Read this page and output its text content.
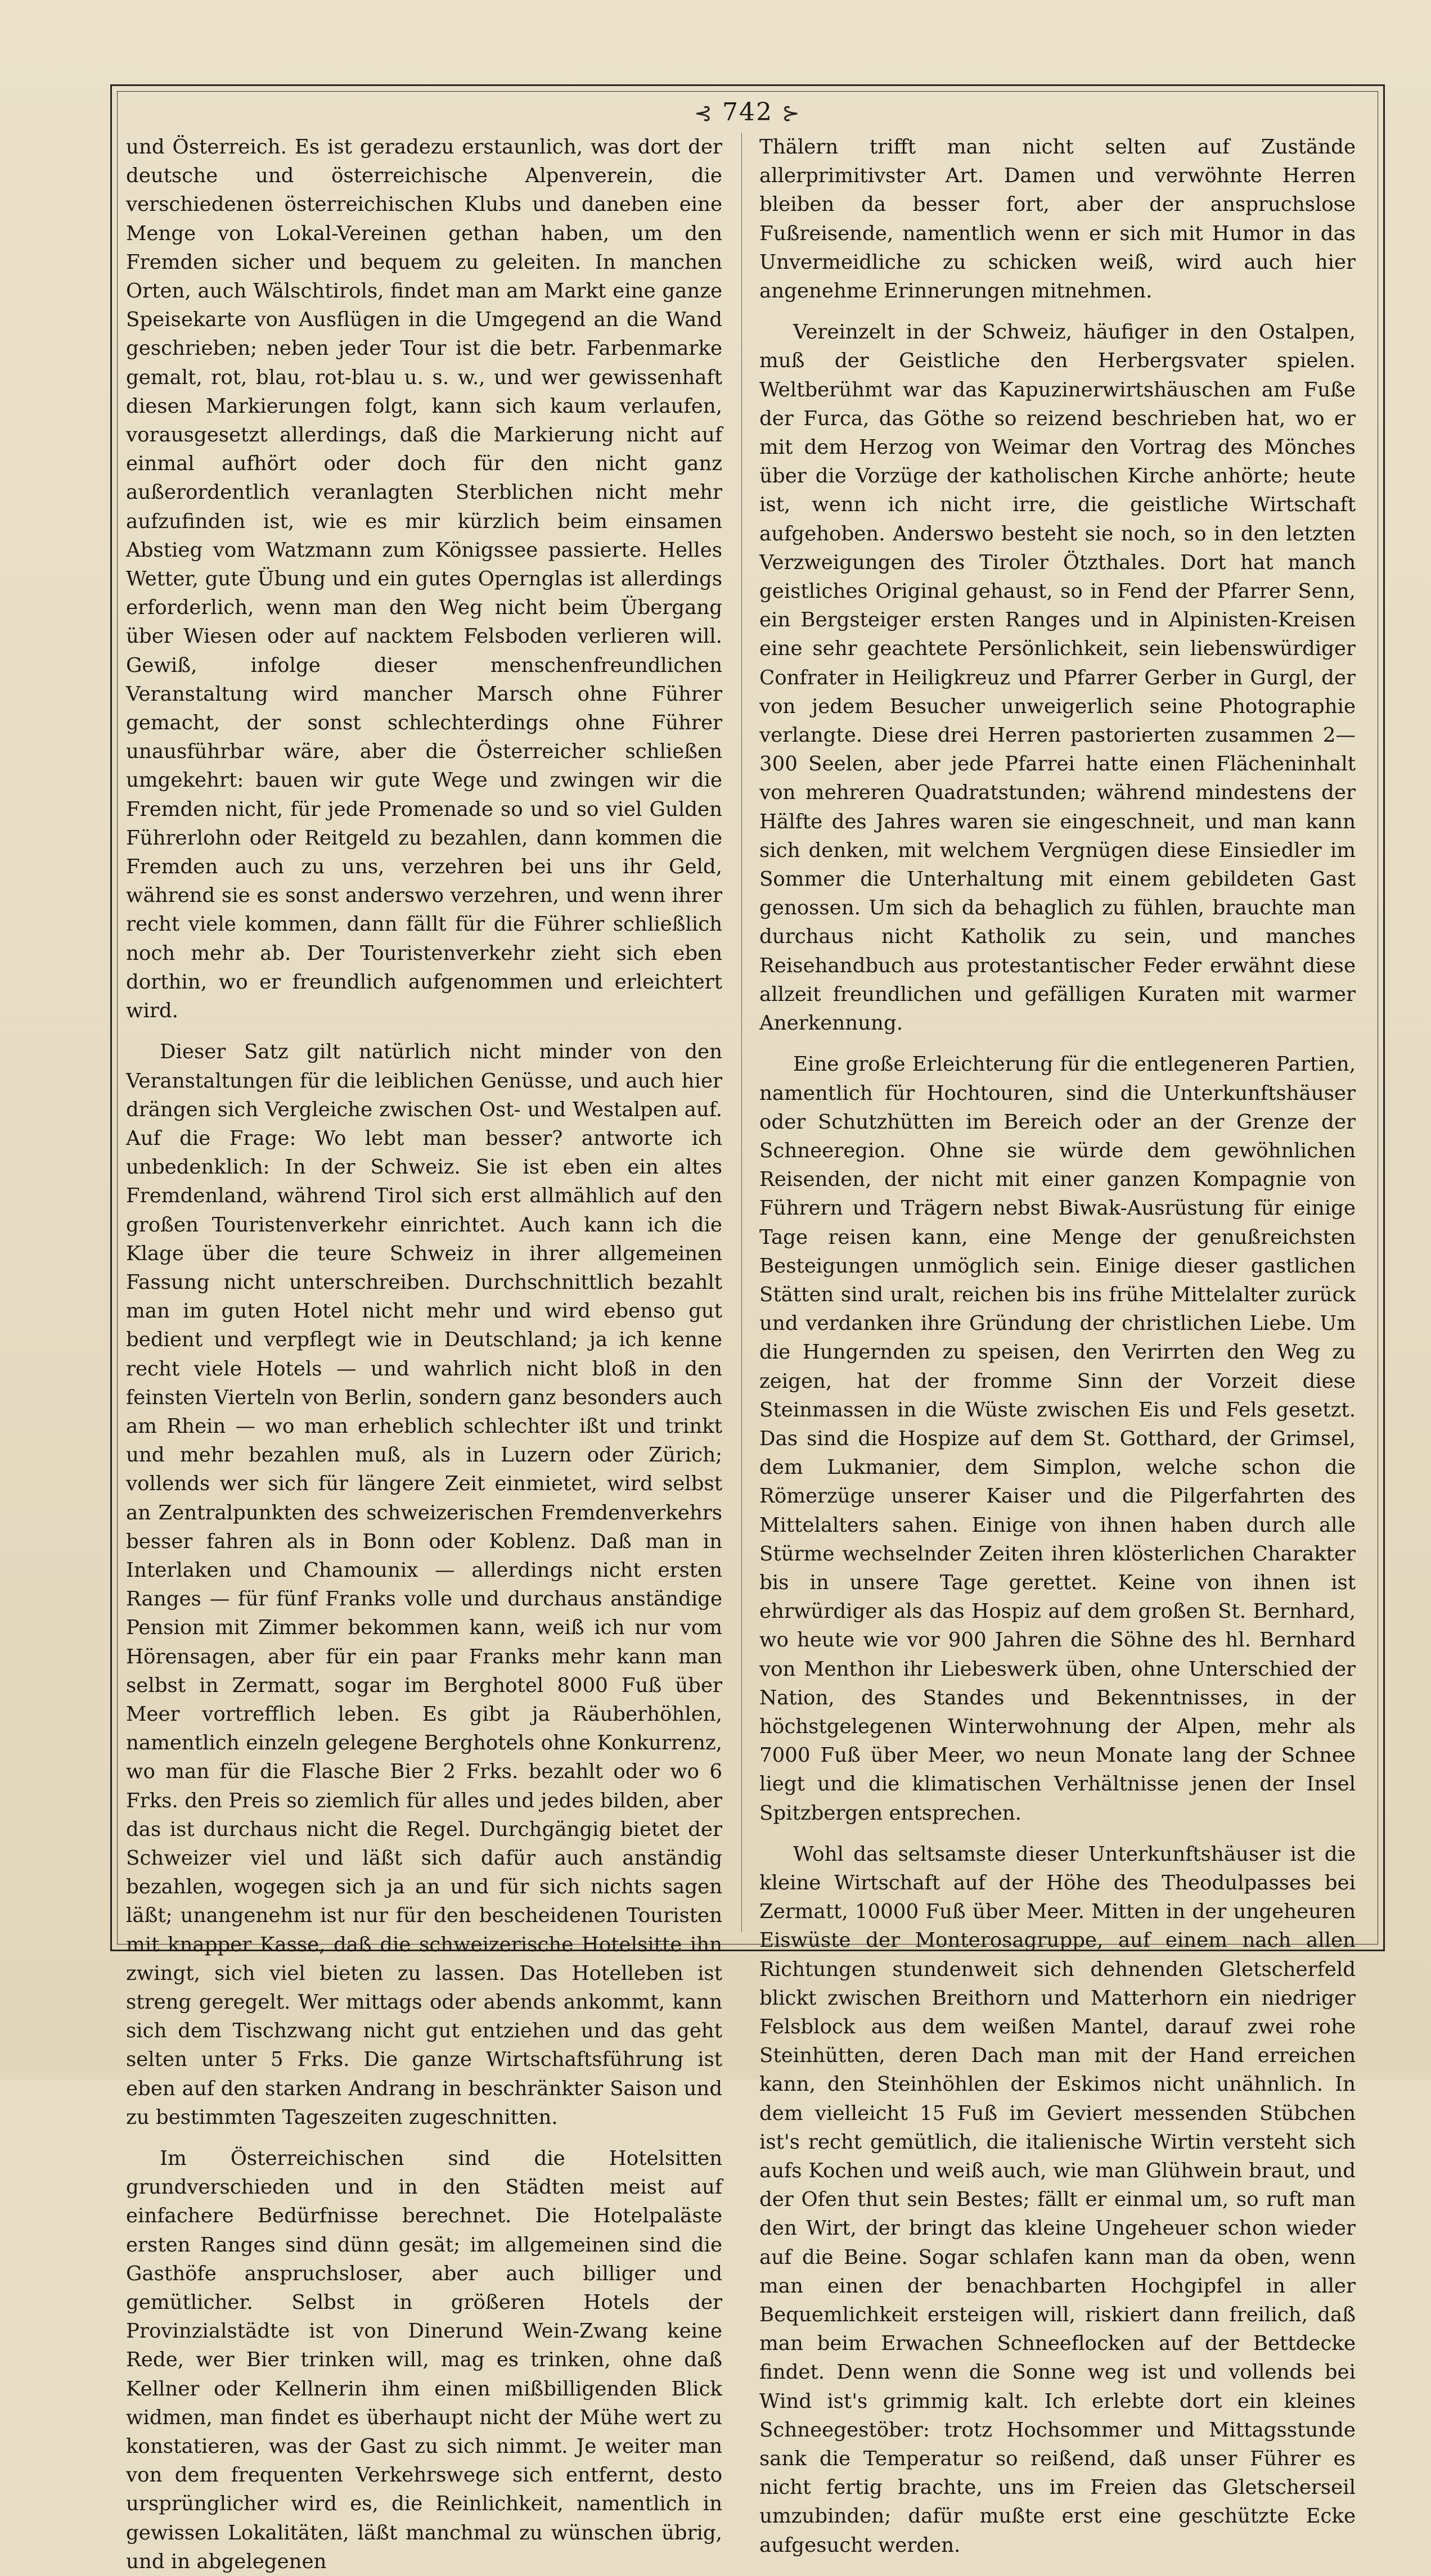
⊰ 742 ⊱

und Österreich. Es ist geradezu erstaunlich, was dort der deutsche und österreichische Alpenverein, die verschiedenen österreichischen Klubs und daneben eine Menge von Lokal-Vereinen gethan haben, um den Fremden sicher und bequem zu geleiten. In manchen Orten, auch Wälschtirols, findet man am Markt eine ganze Speisekarte von Ausflügen in die Umgegend an die Wand geschrieben; neben jeder Tour ist die betr. Farbenmarke gemalt, rot, blau, rot-blau u. s. w., und wer gewissenhaft diesen Markierungen folgt, kann sich kaum verlaufen, vorausgesetzt allerdings, daß die Markierung nicht auf einmal aufhört oder doch für den nicht ganz außerordentlich veranlagten Sterblichen nicht mehr aufzufinden ist, wie es mir kürzlich beim einsamen Abstieg vom Watzmann zum Königssee passierte. Helles Wetter, gute Übung und ein gutes Opernglas ist allerdings erforderlich, wenn man den Weg nicht beim Übergang über Wiesen oder auf nacktem Felsboden verlieren will. Gewiß, infolge dieser menschenfreundlichen Veranstaltung wird mancher Marsch ohne Führer gemacht, der sonst schlechterdings ohne Führer unausführbar wäre, aber die Österreicher schließen umgekehrt: bauen wir gute Wege und zwingen wir die Fremden nicht, für jede Promenade so und so viel Gulden Führerlohn oder Reitgeld zu bezahlen, dann kommen die Fremden auch zu uns, verzehren bei uns ihr Geld, während sie es sonst anderswo verzehren, und wenn ihrer recht viele kommen, dann fällt für die Führer schließlich noch mehr ab. Der Touristenverkehr zieht sich eben dorthin, wo er freundlich aufgenommen und erleichtert wird.

Dieser Satz gilt natürlich nicht minder von den Veranstaltungen für die leiblichen Genüsse, und auch hier drängen sich Vergleiche zwischen Ost- und Westalpen auf. Auf die Frage: Wo lebt man besser? antworte ich unbedenklich: In der Schweiz. Sie ist eben ein altes Fremdenland, während Tirol sich erst allmählich auf den großen Touristenverkehr einrichtet. Auch kann ich die Klage über die teure Schweiz in ihrer allgemeinen Fassung nicht unterschreiben. Durchschnittlich bezahlt man im guten Hotel nicht mehr und wird ebenso gut bedient und verpflegt wie in Deutschland; ja ich kenne recht viele Hotels — und wahrlich nicht bloß in den feinsten Vierteln von Berlin, sondern ganz besonders auch am Rhein — wo man erheblich schlechter ißt und trinkt und mehr bezahlen muß, als in Luzern oder Zürich; vollends wer sich für längere Zeit einmietet, wird selbst an Zentralpunkten des schweizerischen Fremdenverkehrs besser fahren als in Bonn oder Koblenz. Daß man in Interlaken und Chamounix — allerdings nicht ersten Ranges — für fünf Franks volle und durchaus anständige Pension mit Zimmer bekommen kann, weiß ich nur vom Hörensagen, aber für ein paar Franks mehr kann man selbst in Zermatt, sogar im Berghotel 8000 Fuß über Meer vortrefflich leben. Es gibt ja Räuberhöhlen, namentlich einzeln gelegene Berghotels ohne Konkurrenz, wo man für die Flasche Bier 2 Frks. bezahlt oder wo 6 Frks. den Preis so ziemlich für alles und jedes bilden, aber das ist durchaus nicht die Regel. Durchgängig bietet der Schweizer viel und läßt sich dafür auch anständig bezahlen, wogegen sich ja an und für sich nichts sagen läßt; unangenehm ist nur für den bescheidenen Touristen mit knapper Kasse, daß die schweizerische Hotelsitte ihn zwingt, sich viel bieten zu lassen. Das Hotelleben ist streng geregelt. Wer mittags oder abends ankommt, kann sich dem Tischzwang nicht gut entziehen und das geht selten unter 5 Frks. Die ganze Wirtschaftsführung ist eben auf den starken Andrang in beschränkter Saison und zu bestimmten Tageszeiten zugeschnitten.

Im Österreichischen sind die Hotelsitten grundverschieden und in den Städten meist auf einfachere Bedürfnisse berechnet. Die Hotelpaläste ersten Ranges sind dünn gesät; im allgemeinen sind die Gasthöfe anspruchsloser, aber auch billiger und gemütlicher. Selbst in größeren Hotels der Provinzialstädte ist von Dinerund Wein-Zwang keine Rede, wer Bier trinken will, mag es trinken, ohne daß Kellner oder Kellnerin ihm einen mißbilligenden Blick widmen, man findet es überhaupt nicht der Mühe wert zu konstatieren, was der Gast zu sich nimmt. Je weiter man von dem frequenten Verkehrswege sich entfernt, desto ursprünglicher wird es, die Reinlichkeit, namentlich in gewissen Lokalitäten, läßt manchmal zu wünschen übrig, und in abgelegenen

Thälern trifft man nicht selten auf Zustände allerprimitivster Art. Damen und verwöhnte Herren bleiben da besser fort, aber der anspruchslose Fußreisende, namentlich wenn er sich mit Humor in das Unvermeidliche zu schicken weiß, wird auch hier angenehme Erinnerungen mitnehmen.

Vereinzelt in der Schweiz, häufiger in den Ostalpen, muß der Geistliche den Herbergsvater spielen. Weltberühmt war das Kapuzinerwirtshäuschen am Fuße der Furca, das Göthe so reizend beschrieben hat, wo er mit dem Herzog von Weimar den Vortrag des Mönches über die Vorzüge der katholischen Kirche anhörte; heute ist, wenn ich nicht irre, die geistliche Wirtschaft aufgehoben. Anderswo besteht sie noch, so in den letzten Verzweigungen des Tiroler Ötzthales. Dort hat manch geistliches Original gehaust, so in Fend der Pfarrer Senn, ein Bergsteiger ersten Ranges und in Alpinisten-Kreisen eine sehr geachtete Persönlichkeit, sein liebenswürdiger Confrater in Heiligkreuz und Pfarrer Gerber in Gurgl, der von jedem Besucher unweigerlich seine Photographie verlangte. Diese drei Herren pastorierten zusammen 2—300 Seelen, aber jede Pfarrei hatte einen Flächeninhalt von mehreren Quadratstunden; während mindestens der Hälfte des Jahres waren sie eingeschneit, und man kann sich denken, mit welchem Vergnügen diese Einsiedler im Sommer die Unterhaltung mit einem gebildeten Gast genossen. Um sich da behaglich zu fühlen, brauchte man durchaus nicht Katholik zu sein, und manches Reisehandbuch aus protestantischer Feder erwähnt diese allzeit freundlichen und gefälligen Kuraten mit warmer Anerkennung.

Eine große Erleichterung für die entlegeneren Partien, namentlich für Hochtouren, sind die Unterkunftshäuser oder Schutzhütten im Bereich oder an der Grenze der Schneeregion. Ohne sie würde dem gewöhnlichen Reisenden, der nicht mit einer ganzen Kompagnie von Führern und Trägern nebst Biwak-Ausrüstung für einige Tage reisen kann, eine Menge der genußreichsten Besteigungen unmöglich sein. Einige dieser gastlichen Stätten sind uralt, reichen bis ins frühe Mittelalter zurück und verdanken ihre Gründung der christlichen Liebe. Um die Hungernden zu speisen, den Verirrten den Weg zu zeigen, hat der fromme Sinn der Vorzeit diese Steinmassen in die Wüste zwischen Eis und Fels gesetzt. Das sind die Hospize auf dem St. Gotthard, der Grimsel, dem Lukmanier, dem Simplon, welche schon die Römerzüge unserer Kaiser und die Pilgerfahrten des Mittelalters sahen. Einige von ihnen haben durch alle Stürme wechselnder Zeiten ihren klösterlichen Charakter bis in unsere Tage gerettet. Keine von ihnen ist ehrwürdiger als das Hospiz auf dem großen St. Bernhard, wo heute wie vor 900 Jahren die Söhne des hl. Bernhard von Menthon ihr Liebeswerk üben, ohne Unterschied der Nation, des Standes und Bekenntnisses, in der höchstgelegenen Winterwohnung der Alpen, mehr als 7000 Fuß über Meer, wo neun Monate lang der Schnee liegt und die klimatischen Verhältnisse jenen der Insel Spitzbergen entsprechen.

Wohl das seltsamste dieser Unterkunftshäuser ist die kleine Wirtschaft auf der Höhe des Theodulpasses bei Zermatt, 10000 Fuß über Meer. Mitten in der ungeheuren Eiswüste der Monterosagruppe, auf einem nach allen Richtungen stundenweit sich dehnenden Gletscherfeld blickt zwischen Breithorn und Matterhorn ein niedriger Felsblock aus dem weißen Mantel, darauf zwei rohe Steinhütten, deren Dach man mit der Hand erreichen kann, den Steinhöhlen der Eskimos nicht unähnlich. In dem vielleicht 15 Fuß im Geviert messenden Stübchen ist's recht gemütlich, die italienische Wirtin versteht sich aufs Kochen und weiß auch, wie man Glühwein braut, und der Ofen thut sein Bestes; fällt er einmal um, so ruft man den Wirt, der bringt das kleine Ungeheuer schon wieder auf die Beine. Sogar schlafen kann man da oben, wenn man einen der benachbarten Hochgipfel in aller Bequemlichkeit ersteigen will, riskiert dann freilich, daß man beim Erwachen Schneeflocken auf der Bettdecke findet. Denn wenn die Sonne weg ist und vollends bei Wind ist's grimmig kalt. Ich erlebte dort ein kleines Schneegestöber: trotz Hochsommer und Mittagsstunde sank die Temperatur so reißend, daß unser Führer es nicht fertig brachte, uns im Freien das Gletscherseil umzubinden; dafür mußte erst eine geschützte Ecke aufgesucht werden.
